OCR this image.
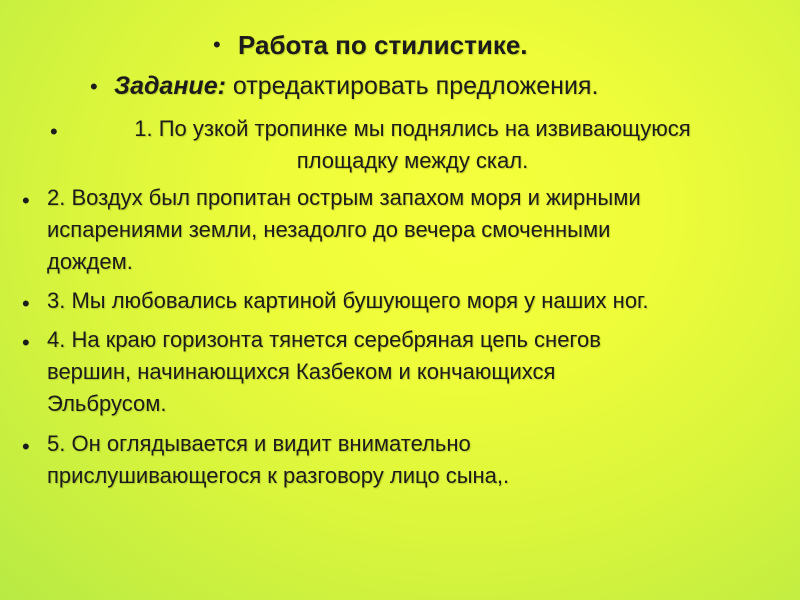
• Работа по стилистике.
• Задание: отредактировать предложения.
•	1. По узкой тропинке мы поднялись на извивающуюся
площадку между скал.
• 2. Воздух был пропитан острым запахом моря и жирными
испарениями земли, незадолго до вечера смоченными
дождем.
• 3. Мы любовались картиной бушующего моря у наших ног.
• 4. На краю горизонта тянется серебряная цепь снегов
вершин, начинающихся Казбеком и кончающихся
Эльбрусом.
• 5. Он оглядывается и видит внимательно
прислушивающегося к разговору лицо сына,.
